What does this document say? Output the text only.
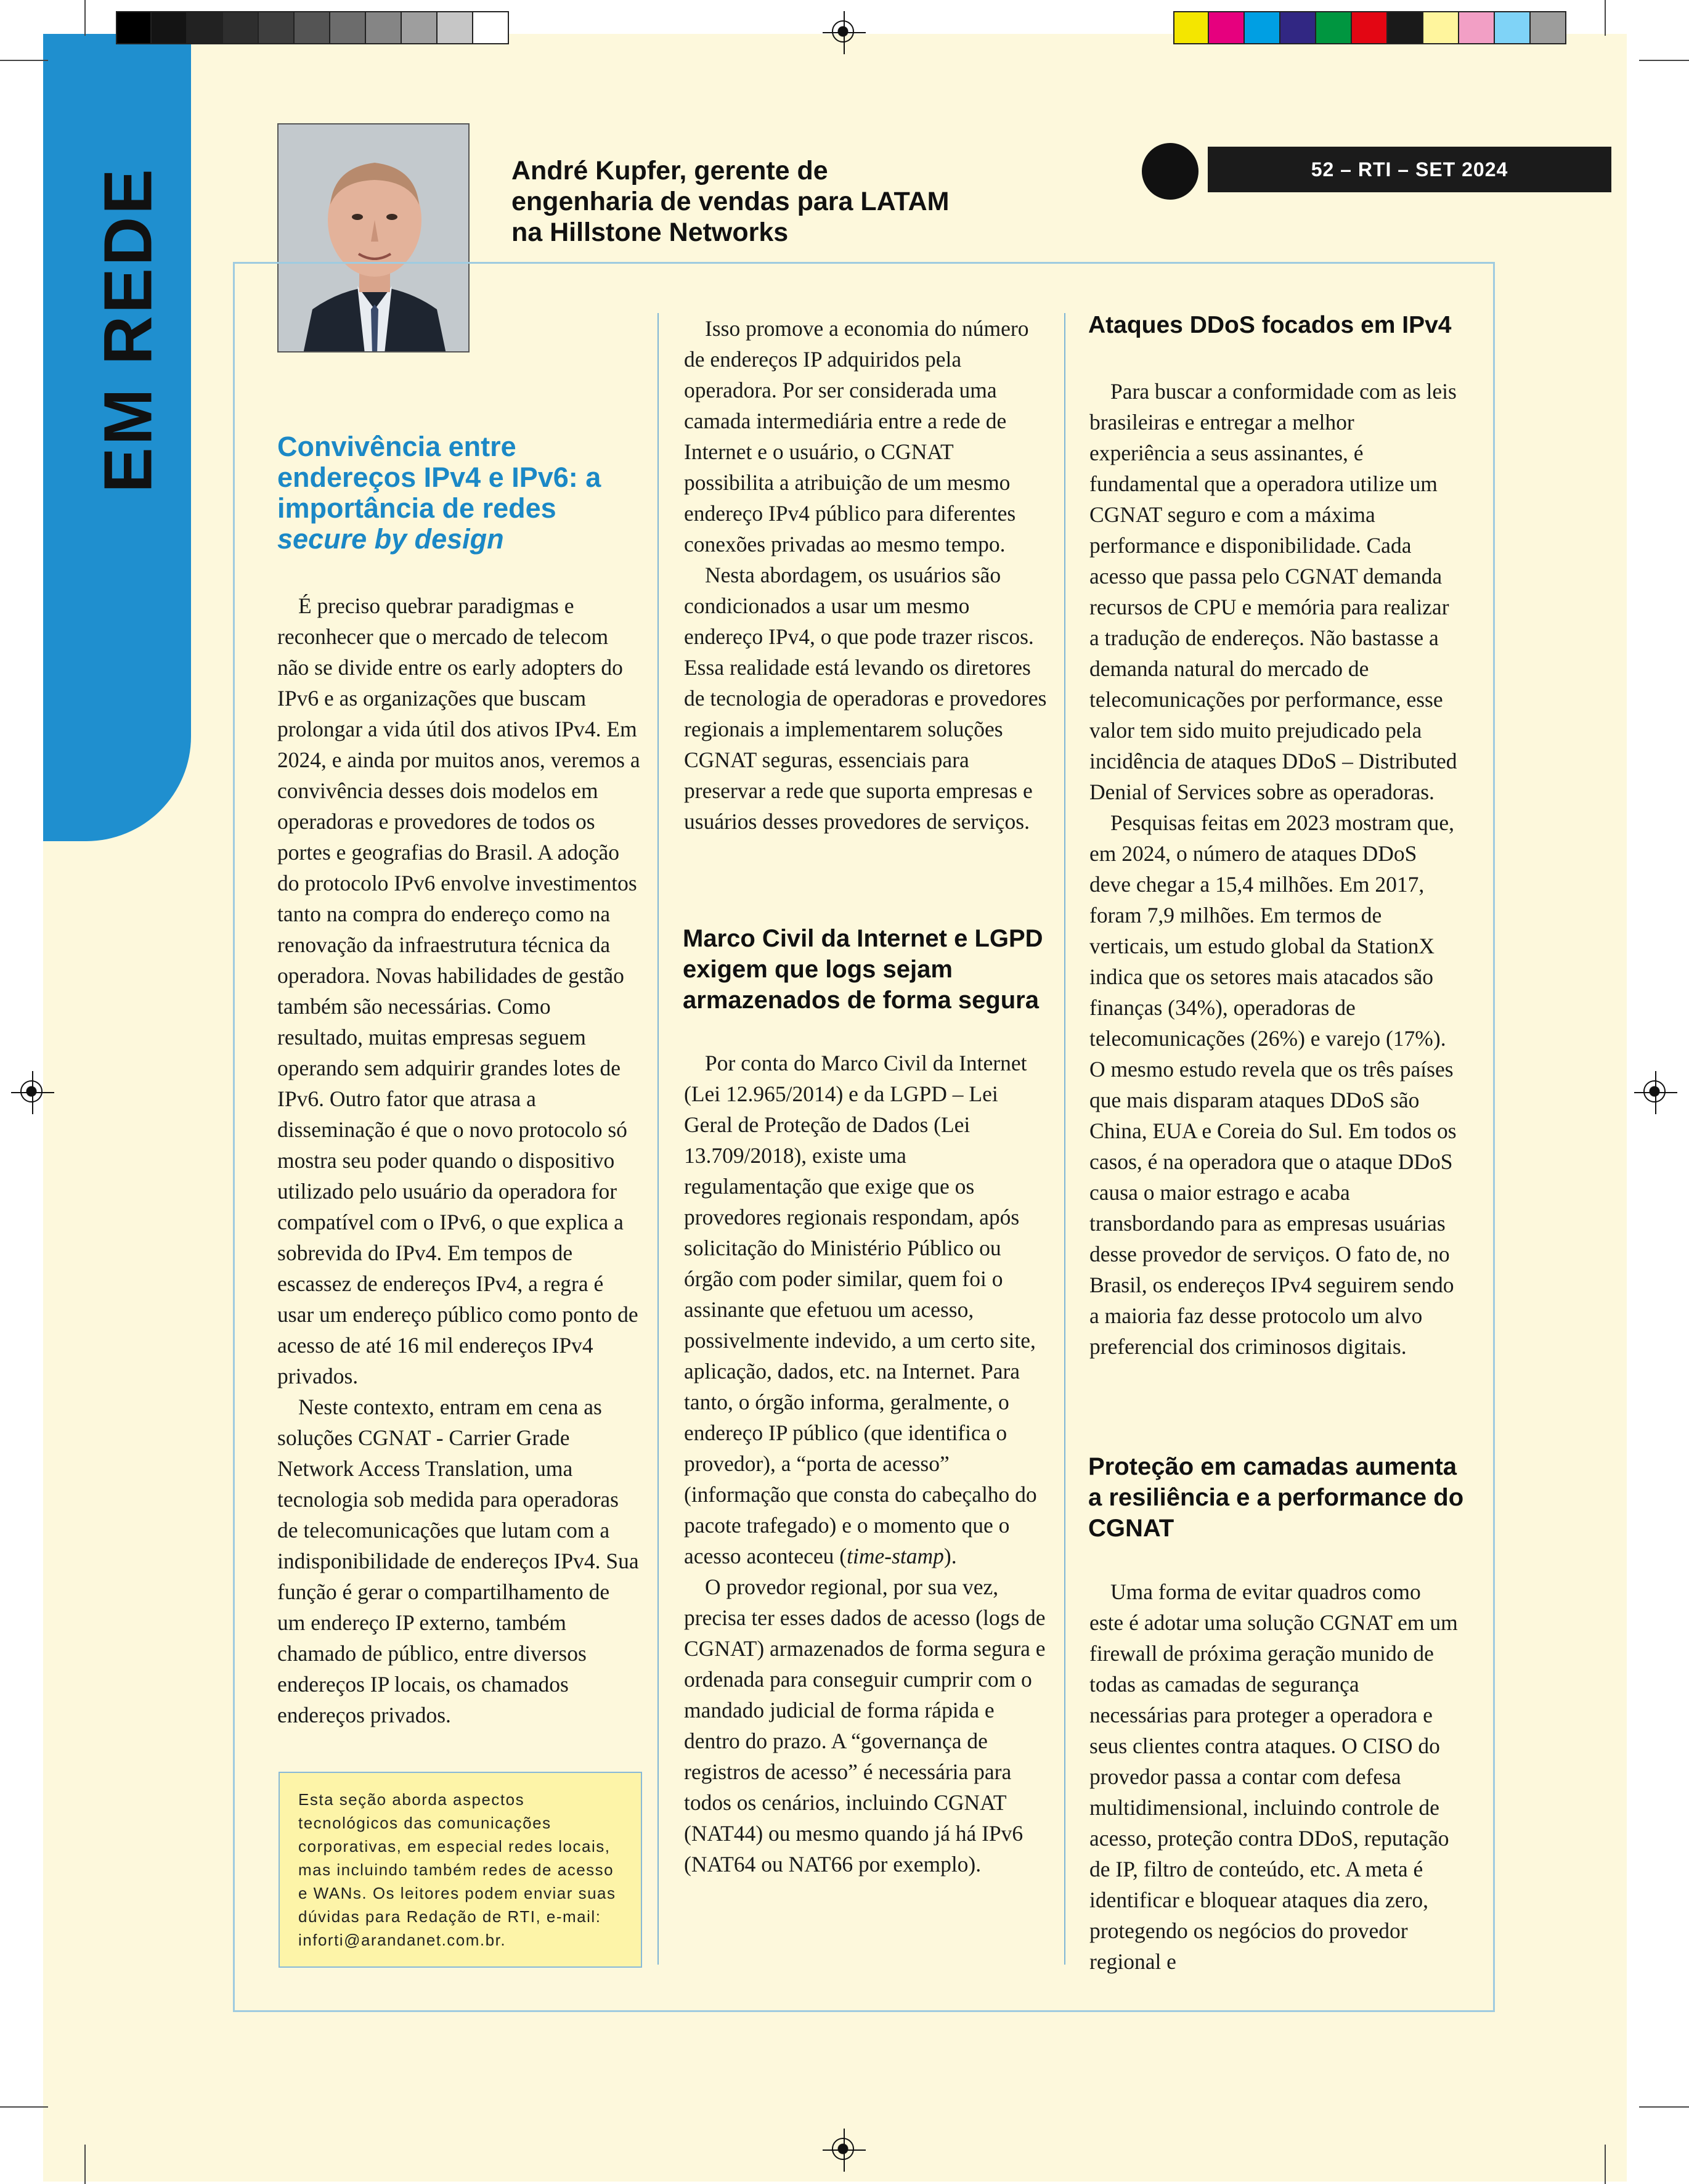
EM REDE	André Kupfer, gerente de engenharia de vendas para LATAM na Hillstone Networks
52 – RTI – SET 2024
Convivência entre endereços IPv4 e IPv6: a importância de redes secure by design

É preciso quebrar paradigmas e reconhecer que o mercado de telecom não se divide entre os early adopters do IPv6 e as organizações que buscam prolongar a vida útil dos ativos IPv4. Em 2024, e ainda por muitos anos, veremos a convivência desses dois modelos em operadoras e provedores de todos os portes e geografias do Brasil. A adoção do protocolo IPv6 envolve investimentos tanto na compra do endereço como na renovação da infraestrutura técnica da operadora. Novas habilidades de gestão também são necessárias. Como resultado, muitas empresas seguem operando sem adquirir grandes lotes de IPv6. Outro fator que atrasa a disseminação é que o novo protocolo só mostra seu poder quando o dispositivo utilizado pelo usuário da operadora for compatível com o IPv6, o que explica a sobrevida do IPv4. Em tempos de escassez de endereços IPv4, a regra é usar um endereço público como ponto de acesso de até 16 mil endereços IPv4 privados.

Neste contexto, entram em cena as soluções CGNAT - Carrier Grade Network Access Translation, uma tecnologia sob medida para operadoras de telecomunicações que lutam com a indisponibilidade de endereços IPv4. Sua função é gerar o compartilhamento de um endereço IP externo, também chamado de público, entre diversos endereços IP locais, os chamados endereços privados.

Esta seção aborda aspectos tecnológicos das comunicações corporativas, em especial redes locais, mas incluindo também redes de acesso e WANs. Os leitores podem enviar suas dúvidas para Redação de RTI, e-mail: inforti@arandanet.com.br.

Isso promove a economia do número de endereços IP adquiridos pela operadora. Por ser considerada uma camada intermediária entre a rede de Internet e o usuário, o CGNAT possibilita a atribuição de um mesmo endereço IPv4 público para diferentes conexões privadas ao mesmo tempo.

Nesta abordagem, os usuários são condicionados a usar um mesmo endereço IPv4, o que pode trazer riscos. Essa realidade está levando os diretores de tecnologia de operadoras e provedores regionais a implementarem soluções CGNAT seguras, essenciais para preservar a rede que suporta empresas e usuários desses provedores de serviços.

Marco Civil da Internet e LGPD exigem que logs sejam armazenados de forma segura

Por conta do Marco Civil da Internet (Lei 12.965/2014) e da LGPD – Lei Geral de Proteção de Dados (Lei 13.709/2018), existe uma regulamentação que exige que os provedores regionais respondam, após solicitação do Ministério Público ou órgão com poder similar, quem foi o assinante que efetuou um acesso, possivelmente indevido, a um certo site, aplicação, dados, etc. na Internet. Para tanto, o órgão informa, geralmente, o endereço IP público (que identifica o provedor), a “porta de acesso” (informação que consta do cabeçalho do pacote trafegado) e o momento que o acesso aconteceu (time-stamp).

O provedor regional, por sua vez, precisa ter esses dados de acesso (logs de CGNAT) armazenados de forma segura e ordenada para conseguir cumprir com o mandado judicial de forma rápida e dentro do prazo. A “governança de registros de acesso” é necessária para todos os cenários, incluindo CGNAT (NAT44) ou mesmo quando já há IPv6 (NAT64 ou NAT66 por exemplo).

Ataques DDoS focados em IPv4

Para buscar a conformidade com as leis brasileiras e entregar a melhor experiência a seus assinantes, é fundamental que a operadora utilize um CGNAT seguro e com a máxima performance e disponibilidade. Cada acesso que passa pelo CGNAT demanda recursos de CPU e memória para realizar a tradução de endereços. Não bastasse a demanda natural do mercado de telecomunicações por performance, esse valor tem sido muito prejudicado pela incidência de ataques DDoS – Distributed Denial of Services sobre as operadoras.

Pesquisas feitas em 2023 mostram que, em 2024, o número de ataques DDoS deve chegar a 15,4 milhões. Em 2017, foram 7,9 milhões. Em termos de verticais, um estudo global da StationX indica que os setores mais atacados são finanças (34%), operadoras de telecomunicações (26%) e varejo (17%). O mesmo estudo revela que os três países que mais disparam ataques DDoS são China, EUA e Coreia do Sul. Em todos os casos, é na operadora que o ataque DDoS causa o maior estrago e acaba transbordando para as empresas usuárias desse provedor de serviços. O fato de, no Brasil, os endereços IPv4 seguirem sendo a maioria faz desse protocolo um alvo preferencial dos criminosos digitais.

Proteção em camadas aumenta a resiliência e a performance do CGNAT

Uma forma de evitar quadros como este é adotar uma solução CGNAT em um firewall de próxima geração munido de todas as camadas de segurança necessárias para proteger a operadora e seus clientes contra ataques. O CISO do provedor passa a contar com defesa multidimensional, incluindo controle de acesso, proteção contra DDoS, reputação de IP, filtro de conteúdo, etc. A meta é identificar e bloquear ataques dia zero, protegendo os negócios do provedor regional e
